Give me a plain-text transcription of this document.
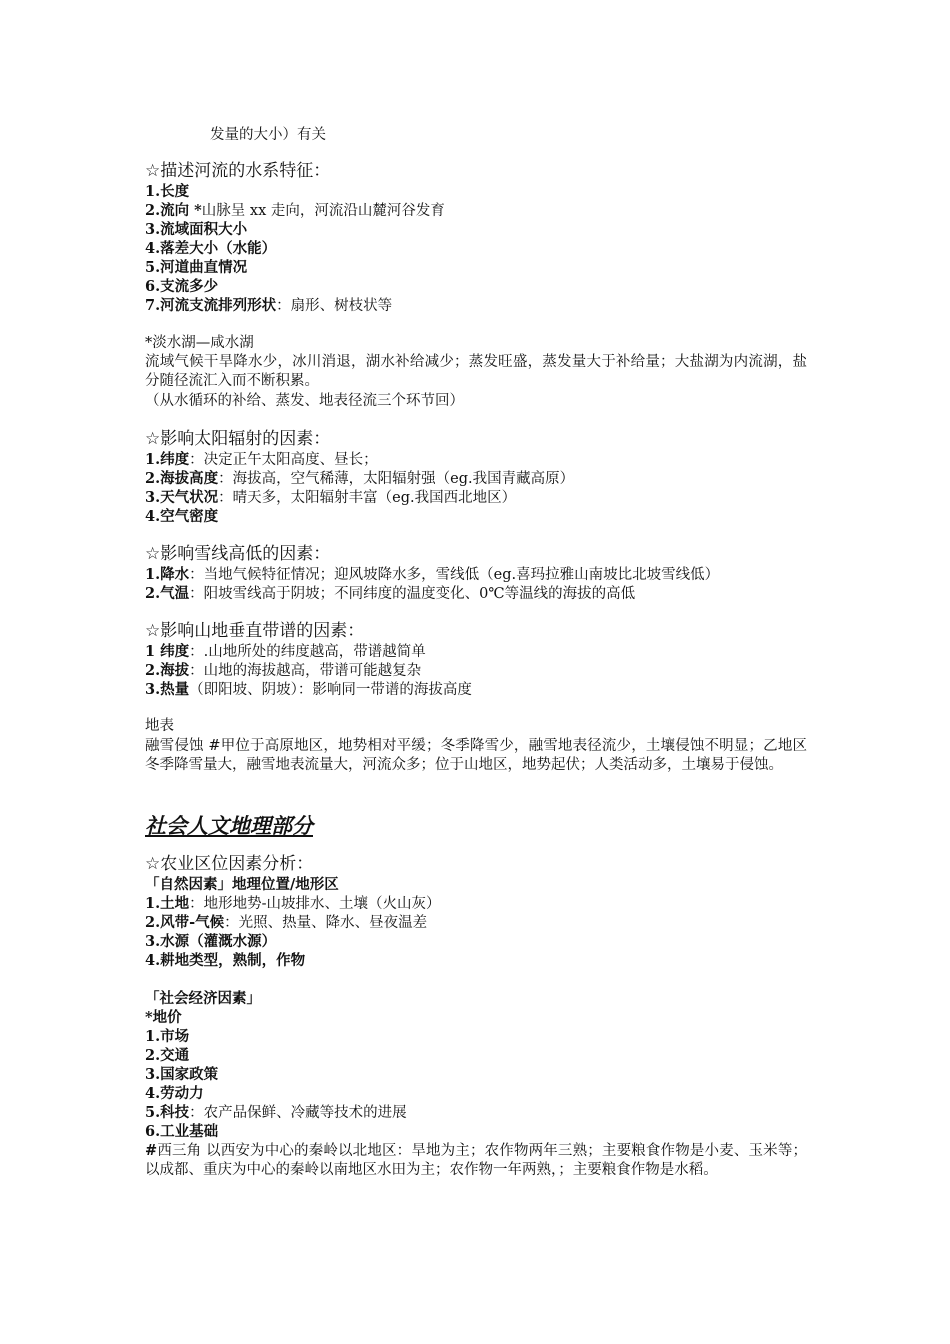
发量的大小）有关
☆描述河流的水系特征：
1.长度
2.流向 *山脉呈 xx 走向，河流沿山麓河谷发育
3.流域面积大小
4.落差大小（水能）
5.河道曲直情况
6.支流多少
7.河流支流排列形状：扇形、树枝状等
*淡水湖—咸水湖
流域气候干旱降水少，冰川消退，湖水补给减少；蒸发旺盛，蒸发量大于补给量；大盐湖为内流湖，盐分随径流汇入而不断积累。
（从水循环的补给、蒸发、地表径流三个环节回）
☆影响太阳辐射的因素：
1.纬度：决定正午太阳高度、昼长；
2.海拔高度：海拔高，空气稀薄，太阳辐射强（eg.我国青藏高原）
3.天气状况：晴天多，太阳辐射丰富（eg.我国西北地区）
4.空气密度
☆影响雪线高低的因素：
1.降水：当地气候特征情况；迎风坡降水多，雪线低（eg.喜玛拉雅山南坡比北坡雪线低）
2.气温：阳坡雪线高于阴坡；不同纬度的温度变化、0℃等温线的海拔的高低
☆影响山地垂直带谱的因素：
1 纬度：.山地所处的纬度越高，带谱越简单
2.海拔：山地的海拔越高，带谱可能越复杂
3.热量（即阳坡、阴坡）：影响同一带谱的海拔高度
地表
融雪侵蚀 #甲位于高原地区，地势相对平缓；冬季降雪少，融雪地表径流少，土壤侵蚀不明显；乙地区冬季降雪量大，融雪地表流量大，河流众多；位于山地区，地势起伏；人类活动多，土壤易于侵蚀。
社会人文地理部分
☆农业区位因素分析：
「自然因素」地理位置/地形区
1.土地：地形地势-山坡排水、土壤（火山灰）
2.风带-气候：光照、热量、降水、昼夜温差
3.水源（灌溉水源）
4.耕地类型，熟制，作物
「社会经济因素」
*地价
1.市场
2.交通
3.国家政策
4.劳动力
5.科技：农产品保鲜、冷藏等技术的进展
6.工业基础
#西三角 以西安为中心的秦岭以北地区：旱地为主；农作物两年三熟；主要粮食作物是小麦、玉米等；以成都、重庆为中心的秦岭以南地区水田为主；农作物一年两熟，；主要粮食作物是水稻。
